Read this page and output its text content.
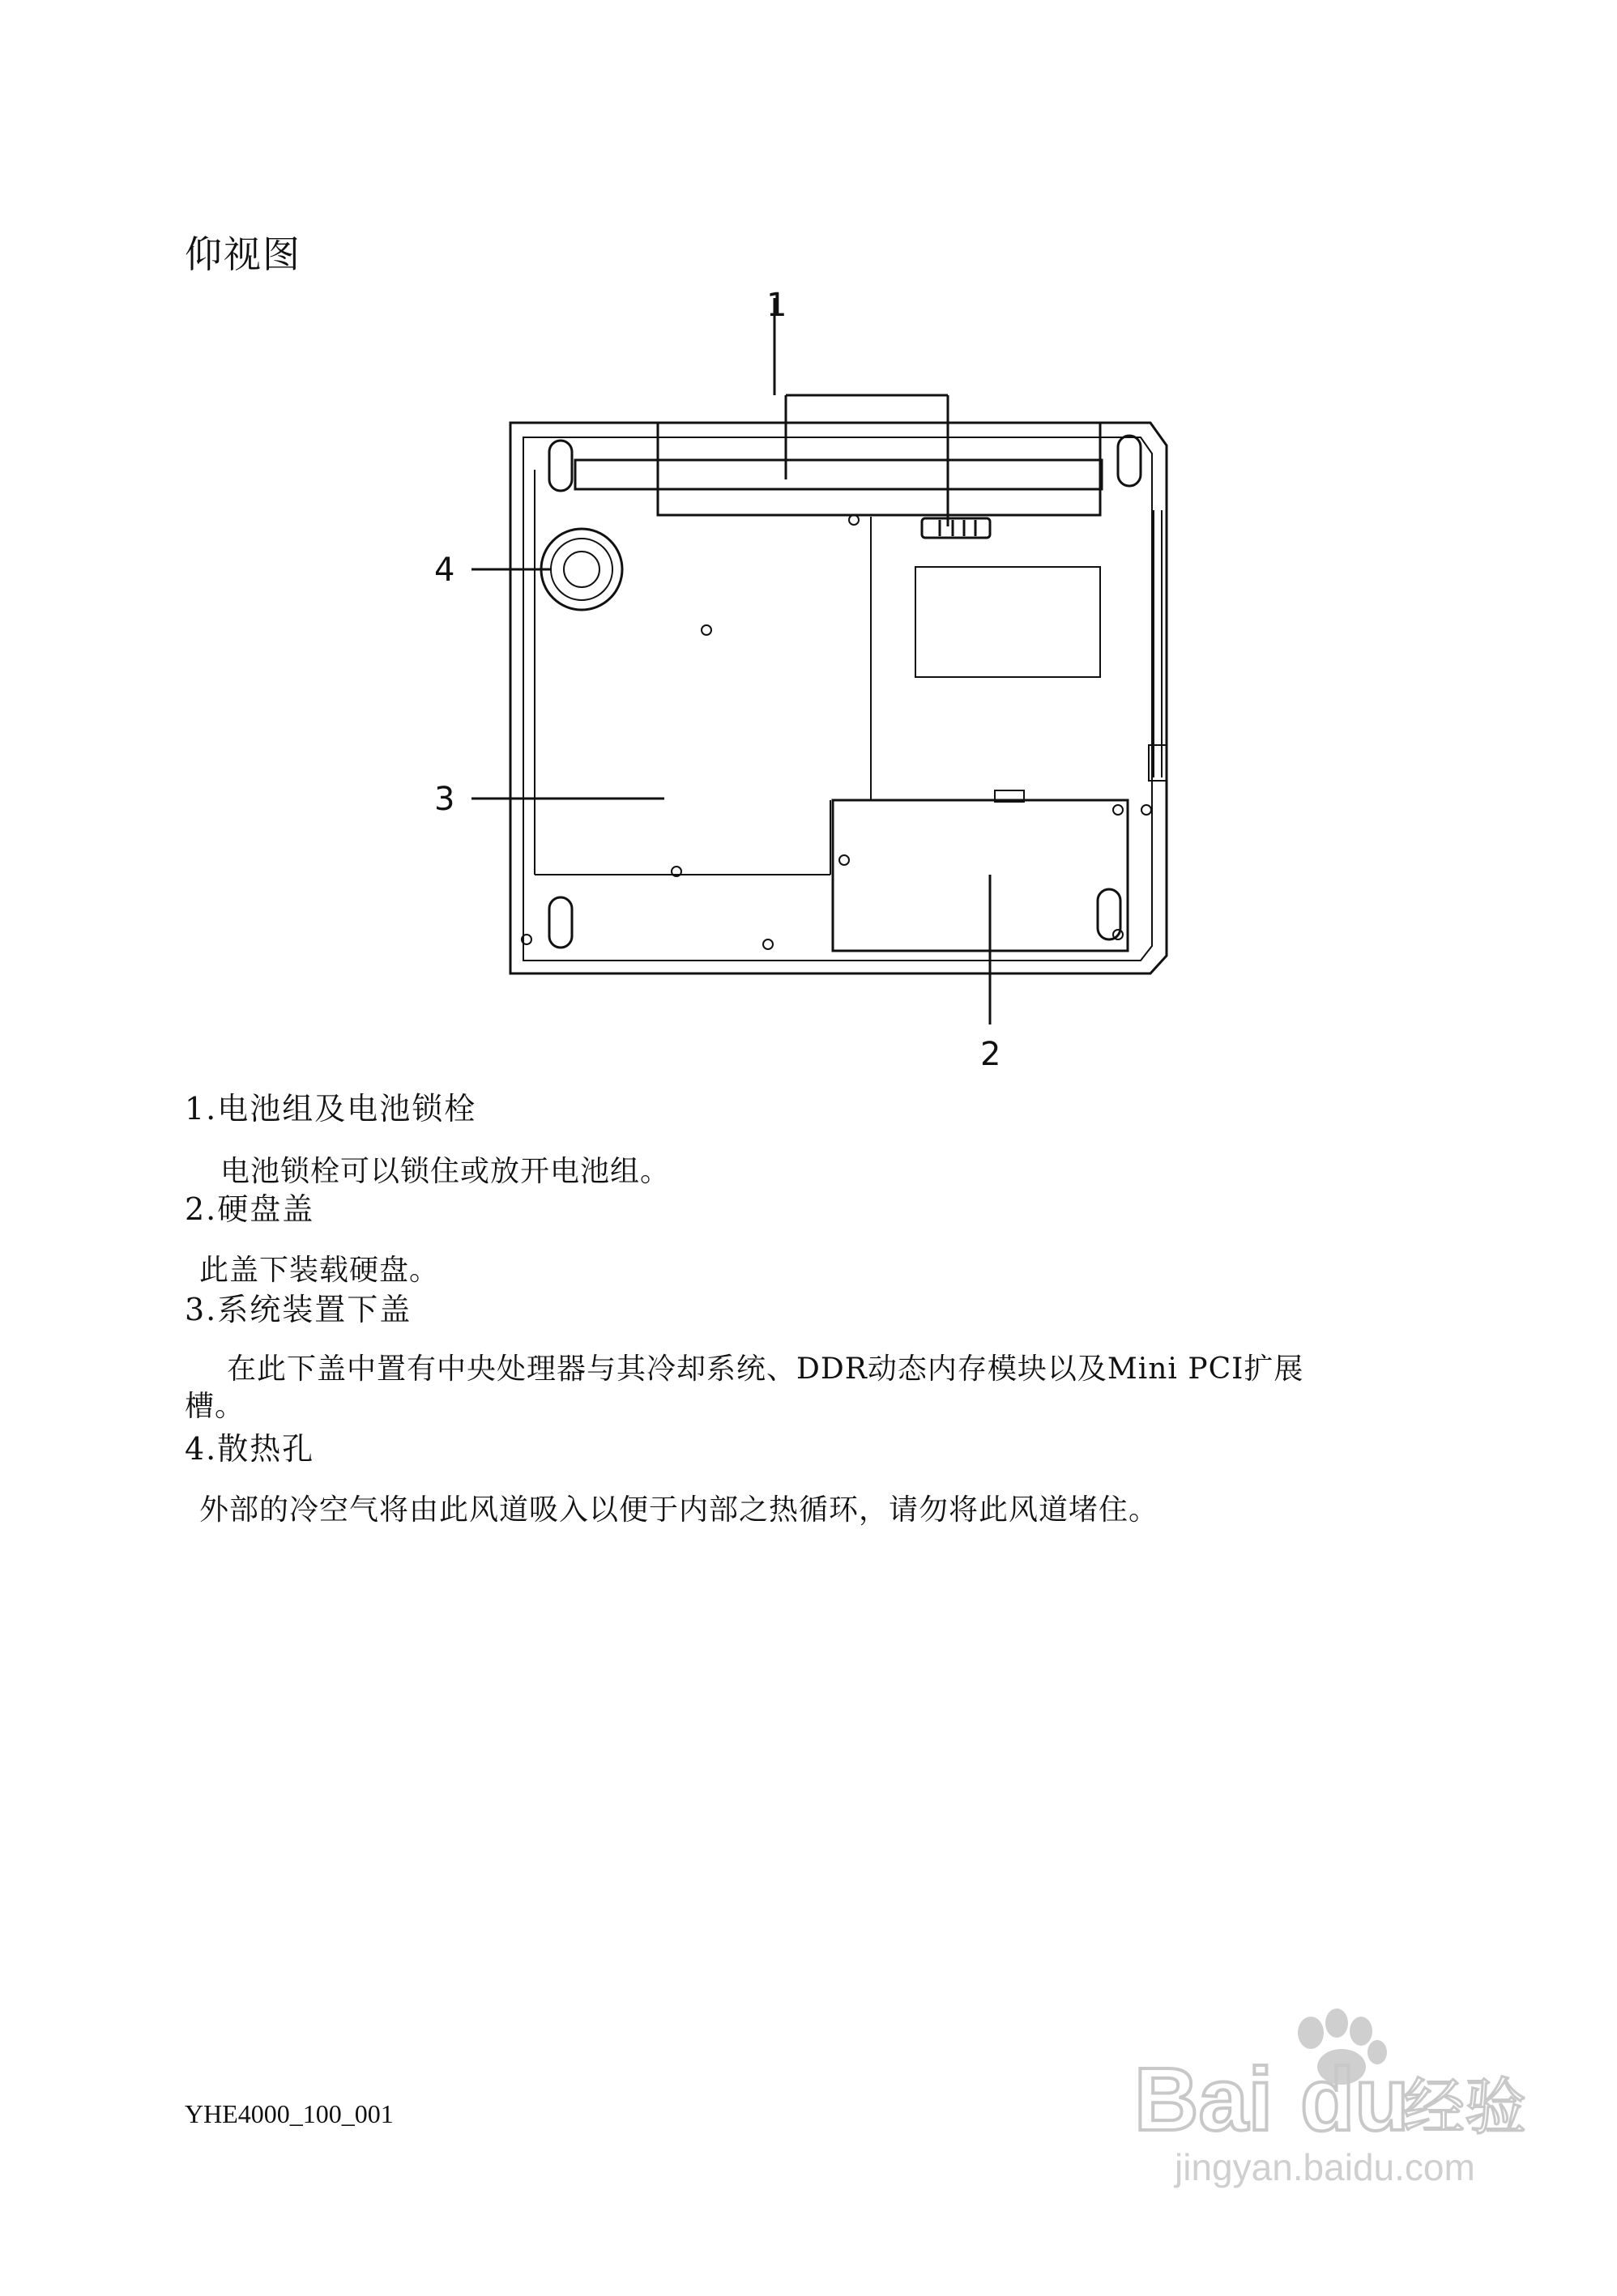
仰视图
1
2
3
4
1.电池组及电池锁栓
电池锁栓可以锁住或放开电池组。
2.硬盘盖
此盖下装载硬盘。
3.系统装置下盖
在此下盖中置有中央处理器与其冷却系统、DDR动态内存模块以及Mini PCI扩展
槽。
4.散热孔
外部的冷空气将由此风道吸入以便于内部之热循环，请勿将此风道堵住。
YHE4000_100_001	Bai du
经验
jingyan.baidu.com
